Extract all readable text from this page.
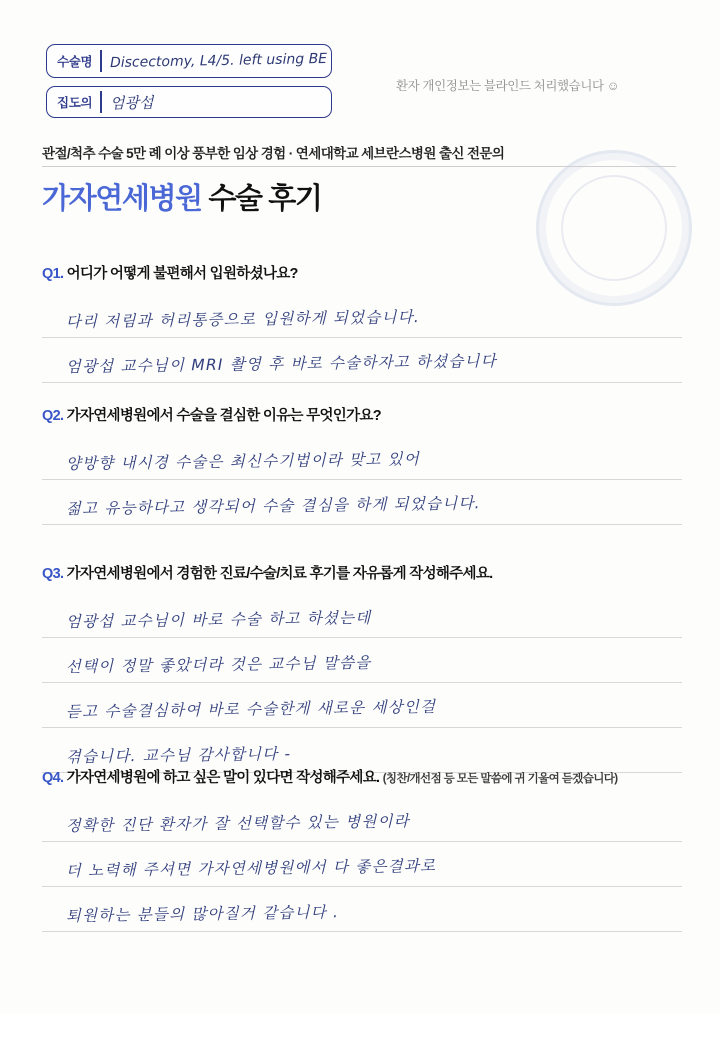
수술명 Discectomy, L4/5. left using BE
집도의 엄광섭
환자 개인정보는 블라인드 처리했습니다 ☺
관절/척추 수술 5만 례 이상 풍부한 임상 경험 · 연세대학교 세브란스병원 출신 전문의
가자연세병원 수술 후기
Q1. 어디가 어떻게 불편해서 입원하셨나요?
다리 저림과 허리통증으로 입원하게 되었습니다.
엄광섭 교수님이 MRI 촬영 후 바로 수술하자고 하셨습니다
Q2. 가자연세병원에서 수술을 결심한 이유는 무엇인가요?
양방향 내시경 수술은 최신수기법이라 맞고 있어
젊고 유능하다고 생각되어 수술 결심을 하게 되었습니다.
Q3. 가자연세병원에서 경험한 진료/수술/치료 후기를 자유롭게 작성해주세요.
엄광섭 교수님이 바로 수술 하고 하셨는데
선택이 정말 좋았더라 것은 교수님 말씀을
듣고 수술결심하여 바로 수술한게 새로운 세상인걸
겪습니다. 교수님 감사합니다 -
Q4. 가자연세병원에 하고 싶은 말이 있다면 작성해주세요. (칭찬/개선점 등 모든 말씀에 귀 기울여 듣겠습니다)
정확한 진단 환자가 잘 선택할수 있는 병원이라
더 노력해 주셔면 가자연세병원에서 다 좋은결과로
퇴원하는 분들의 많아질거 같습니다 .
